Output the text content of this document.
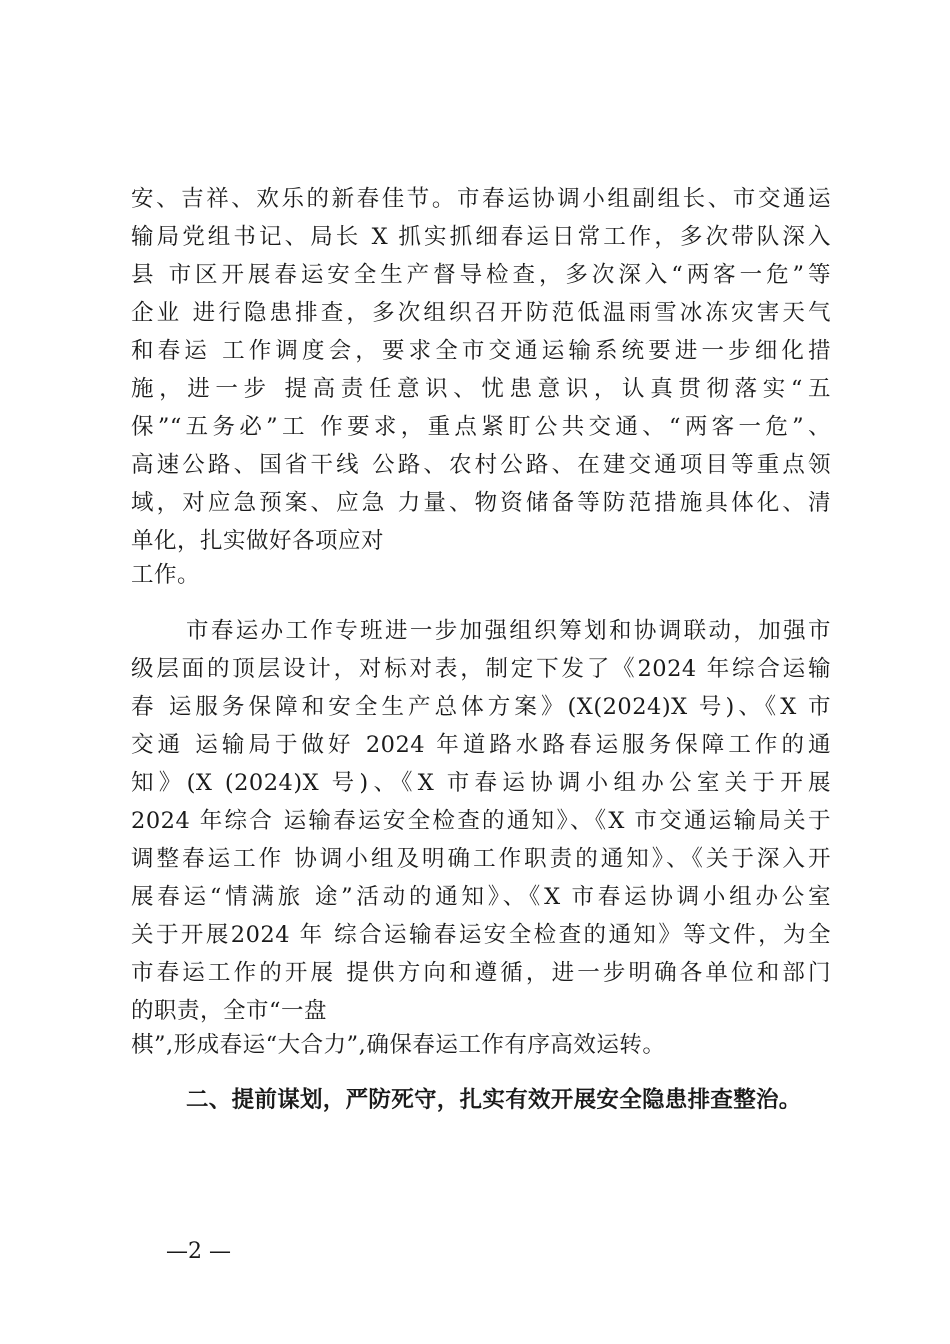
安、吉祥、欢乐的新春佳节。市春运协调小组副组长、市交通运
输局党组书记、局长 X 抓实抓细春运日常工作，多次带队深入
县 市区开展春运安全生产督导检查，多次深入“两客一危”等
企业 进行隐患排查，多次组织召开防范低温雨雪冰冻灾害天气
和春运 工作调度会，要求全市交通运输系统要进一步细化措
施，进一步 提高责任意识、忧患意识，认真贯彻落实“五
保”“五务必”工 作要求，重点紧盯公共交通、“两客一危”、
高速公路、国省干线 公路、农村公路、在建交通项目等重点领
域，对应急预案、应急 力量、物资储备等防范措施具体化、清
单化，扎实做好各项应对
工作。
市春运办工作专班进一步加强组织筹划和协调联动，加强市
级层面的顶层设计，对标对表，制定下发了《2024 年综合运输
春 运服务保障和安全生产总体方案》(X(2024)X 号)、《X 市
交通 运输局于做好 2024 年道路水路春运服务保障工作的通
知》(X (2024)X 号)、《X 市春运协调小组办公室关于开展
2024 年综合 运输春运安全检查的通知》、《X 市交通运输局关于
调整春运工作 协调小组及明确工作职责的通知》、《关于深入开
展春运“情满旅 途”活动的通知》、《X 市春运协调小组办公室
关于开展2024 年 综合运输春运安全检查的通知》等文件，为全
市春运工作的开展 提供方向和遵循，进一步明确各单位和部门
的职责，全市“一盘
棋”,形成春运“大合力”,确保春运工作有序高效运转。
二、提前谋划，严防死守，扎实有效开展安全隐患排查整治。
—2 —
